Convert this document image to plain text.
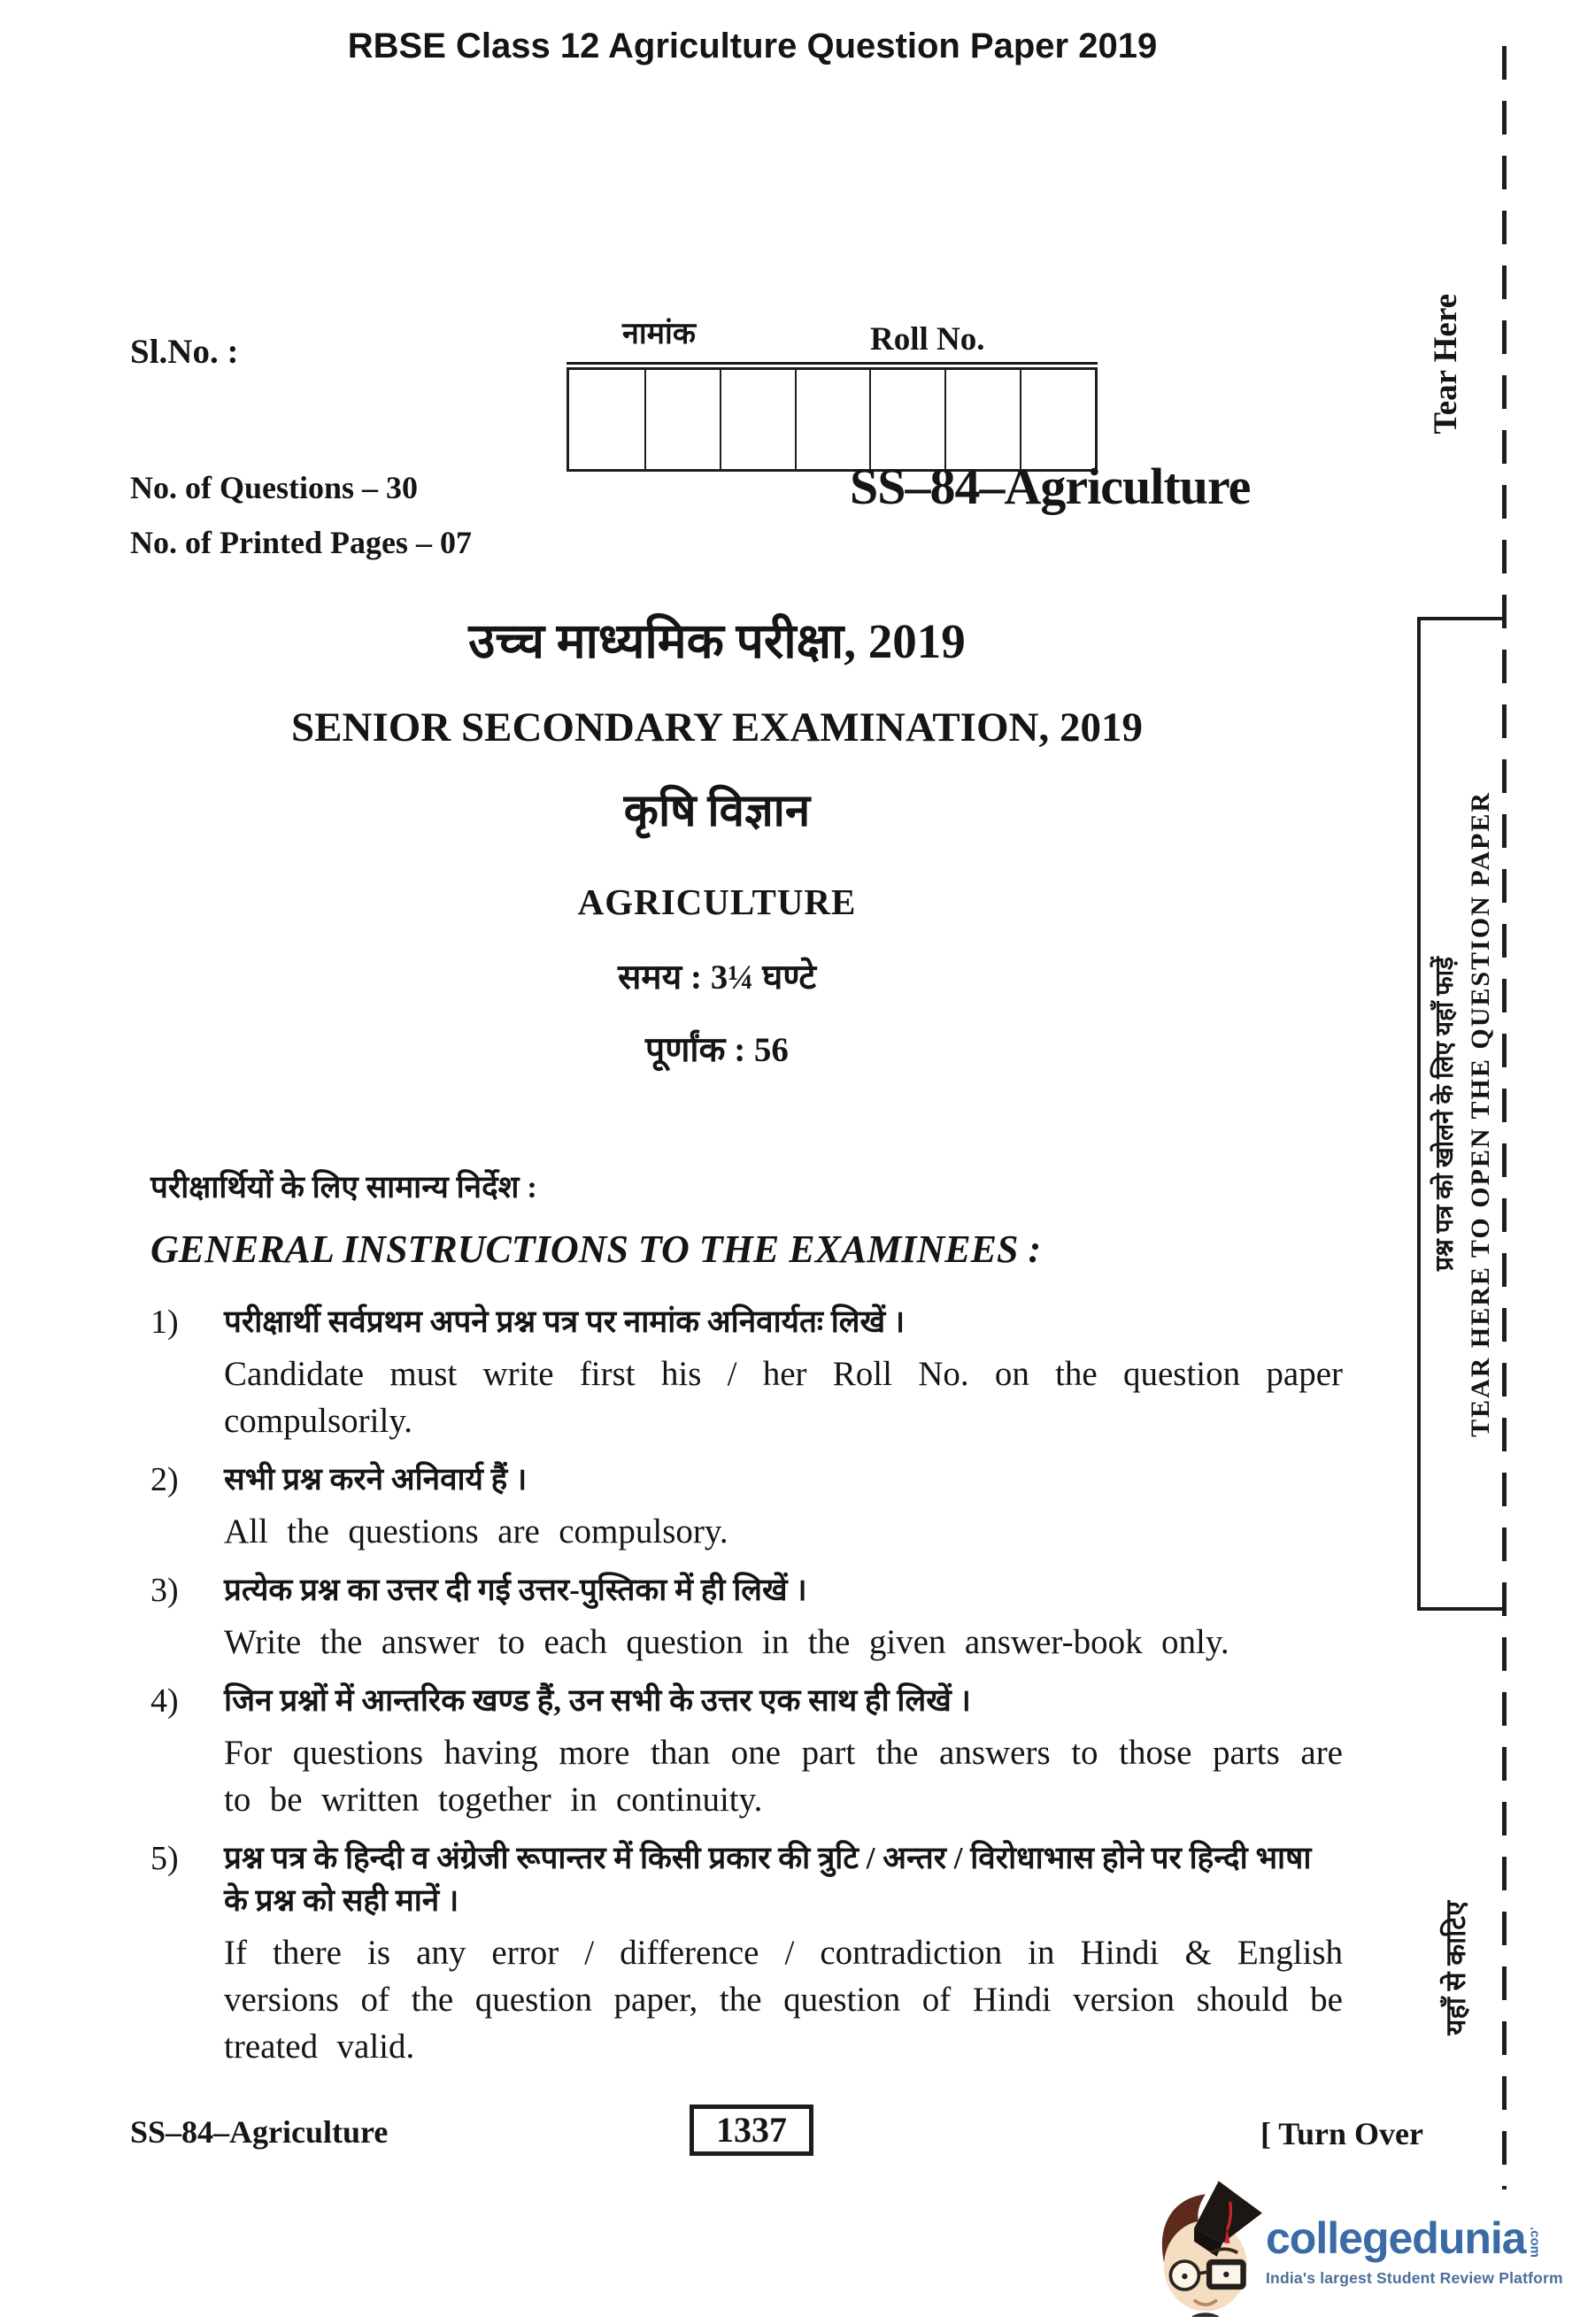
RBSE Class 12 Agriculture Question Paper 2019
Sl.No. :	नामांक	Roll No.
No. of Questions – 30
No. of Printed Pages – 07
SS–84–Agriculture
उच्च माध्यमिक परीक्षा, 2019
SENIOR SECONDARY EXAMINATION, 2019
कृषि विज्ञान
AGRICULTURE
समय : 3¼ घण्टे
पूर्णांक : 56
परीक्षार्थियों के लिए सामान्य निर्देश :
GENERAL INSTRUCTIONS TO THE EXAMINEES :
1)	परीक्षार्थी सर्वप्रथम अपने प्रश्न पत्र पर नामांक अनिवार्यतः लिखें ।

Candidate must write first his / her Roll No. on the question paper compulsorily.

2)	सभी प्रश्न करने अनिवार्य हैं ।

All the questions are compulsory.

3)	प्रत्येक प्रश्न का उत्तर दी गई उत्तर-पुस्तिका में ही लिखें ।

Write the answer to each question in the given answer-book only.

4)	जिन प्रश्नों में आन्तरिक खण्ड हैं, उन सभी के उत्तर एक साथ ही लिखें ।

For questions having more than one part the answers to those parts are to be written together in continuity.

5)	प्रश्न पत्र के हिन्दी व अंग्रेजी रूपान्तर में किसी प्रकार की त्रुटि / अन्तर / विरोधाभास होने पर हिन्दी भाषा के प्रश्न को सही मानें ।

If there is any error / difference / contradiction in Hindi & English versions of the question paper, the question of Hindi version should be treated valid.

SS–84–Agriculture	1337	[ Turn Over
Tear Here
प्रश्न पत्र को खोलने के लिए यहाँ फाड़ें TEAR HERE TO OPEN THE QUESTION PAPER
यहाँ से काटिए
collegedunia .com
India's largest Student Review Platform
